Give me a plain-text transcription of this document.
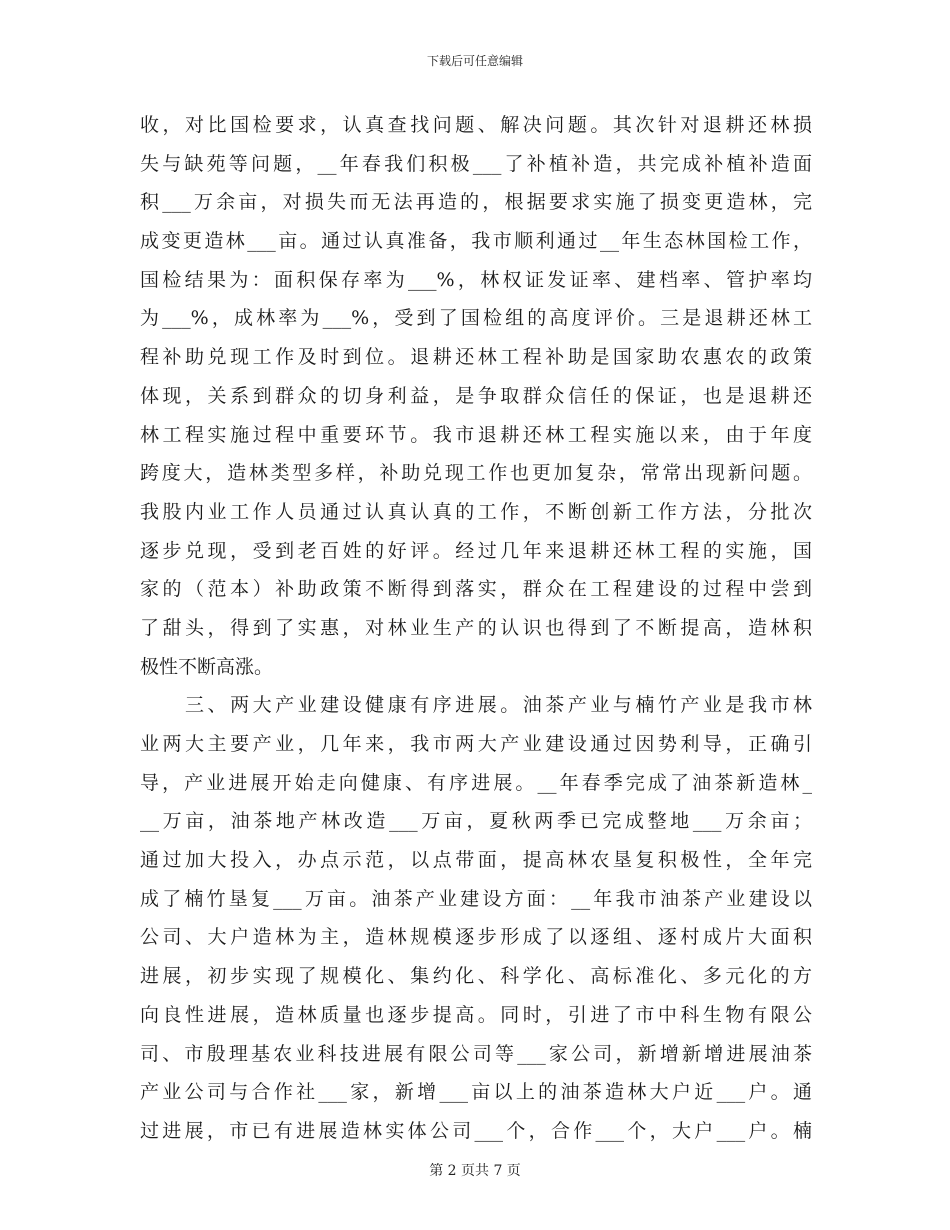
下载后可任意编辑
收，对比国检要求，认真查找问题、解决问题。其次针对退耕还林损
失与缺苑等问题，__年春我们积极___了补植补造，共完成补植补造面
积___万余亩，对损失而无法再造的，根据要求实施了损变更造林，完
成变更造林___亩。通过认真准备，我市顺利通过__年生态林国检工作，
国检结果为：面积保存率为___%，林权证发证率、建档率、管护率均
为___%，成林率为___%，受到了国检组的高度评价。三是退耕还林工
程补助兑现工作及时到位。退耕还林工程补助是国家助农惠农的政策
体现，关系到群众的切身利益，是争取群众信任的保证，也是退耕还
林工程实施过程中重要环节。我市退耕还林工程实施以来，由于年度
跨度大，造林类型多样，补助兑现工作也更加复杂，常常出现新问题。
我股内业工作人员通过认真认真的工作，不断创新工作方法，分批次
逐步兑现，受到老百姓的好评。经过几年来退耕还林工程的实施，国
家的（范本）补助政策不断得到落实，群众在工程建设的过程中尝到
了甜头，得到了实惠，对林业生产的认识也得到了不断提高，造林积
极性不断高涨。
　　三、两大产业建设健康有序进展。油茶产业与楠竹产业是我市林
业两大主要产业，几年来，我市两大产业建设通过因势利导，正确引
导，产业进展开始走向健康、有序进展。__年春季完成了油茶新造林_
__万亩，油茶地产林改造___万亩，夏秋两季已完成整地___万余亩；
通过加大投入，办点示范，以点带面，提高林农垦复积极性，全年完
成了楠竹垦复___万亩。油茶产业建设方面：__年我市油茶产业建设以
公司、大户造林为主，造林规模逐步形成了以逐组、逐村成片大面积
进展，初步实现了规模化、集约化、科学化、高标准化、多元化的方
向良性进展，造林质量也逐步提高。同时，引进了市中科生物有限公
司、市殷理基农业科技进展有限公司等___家公司，新增新增进展油茶
产业公司与合作社___家，新增___亩以上的油茶造林大户近___户。通
过进展，市已有进展造林实体公司___个，合作___个，大户___户。楠
第 2 页共 7 页
